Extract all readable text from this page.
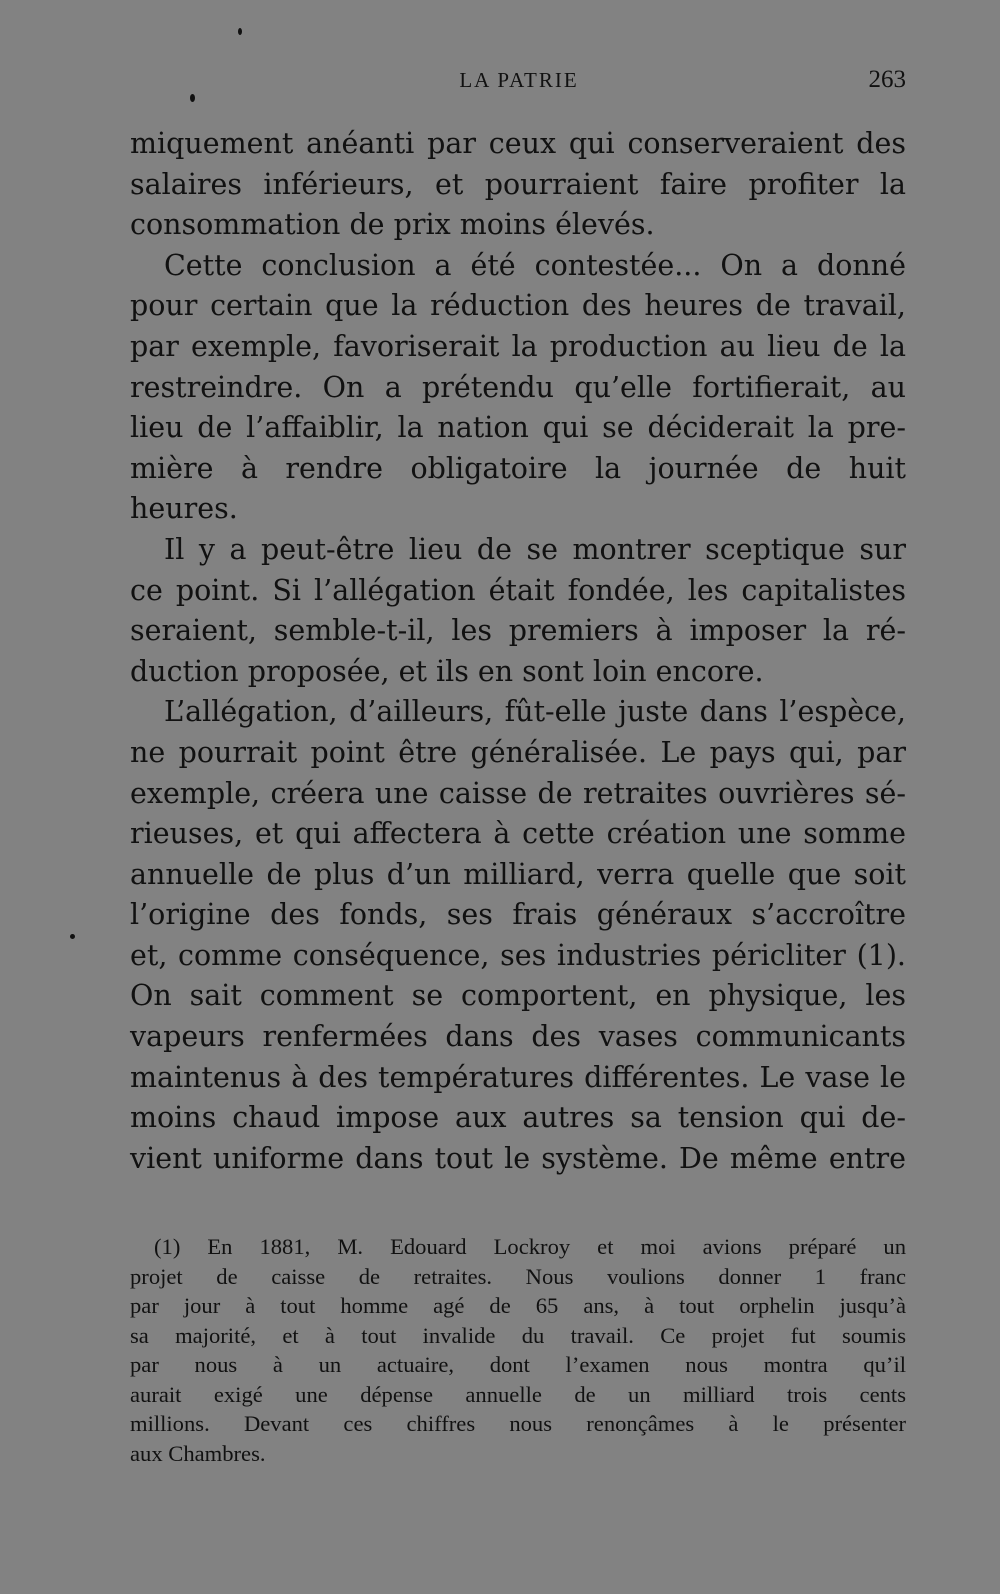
LA PATRIE	263
miquement anéanti par ceux qui conserveraient des
salaires inférieurs, et pourraient faire profiter la
consommation de prix moins élevés.
Cette conclusion a été contestée... On a donné
pour certain que la réduction des heures de travail,
par exemple, favoriserait la production au lieu de la
restreindre. On a prétendu qu’elle fortifierait, au
lieu de l’affaiblir, la nation qui se déciderait la pre-
mière à rendre obligatoire la journée de huit
heures.
Il y a peut-être lieu de se montrer sceptique sur
ce point. Si l’allégation était fondée, les capitalistes
seraient, semble-t-il, les premiers à imposer la ré-
duction proposée, et ils en sont loin encore.
L’allégation, d’ailleurs, fût-elle juste dans l’espèce,
ne pourrait point être généralisée. Le pays qui, par
exemple, créera une caisse de retraites ouvrières sé-
rieuses, et qui affectera à cette création une somme
annuelle de plus d’un milliard, verra quelle que soit
l’origine des fonds, ses frais généraux s’accroître
et, comme conséquence, ses industries péricliter (1).
On sait comment se comportent, en physique, les
vapeurs renfermées dans des vases communicants
maintenus à des températures différentes. Le vase le
moins chaud impose aux autres sa tension qui de-
vient uniforme dans tout le système. De même entre
(1) En 1881, M. Edouard Lockroy et moi avions préparé un
projet de caisse de retraites. Nous voulions donner 1 franc
par jour à tout homme agé de 65 ans, à tout orphelin jusqu’à
sa majorité, et à tout invalide du travail. Ce projet fut soumis
par nous à un actuaire, dont l’examen nous montra qu’il
aurait exigé une dépense annuelle de un milliard trois cents
millions. Devant ces chiffres nous renonçâmes à le présenter
aux Chambres.
